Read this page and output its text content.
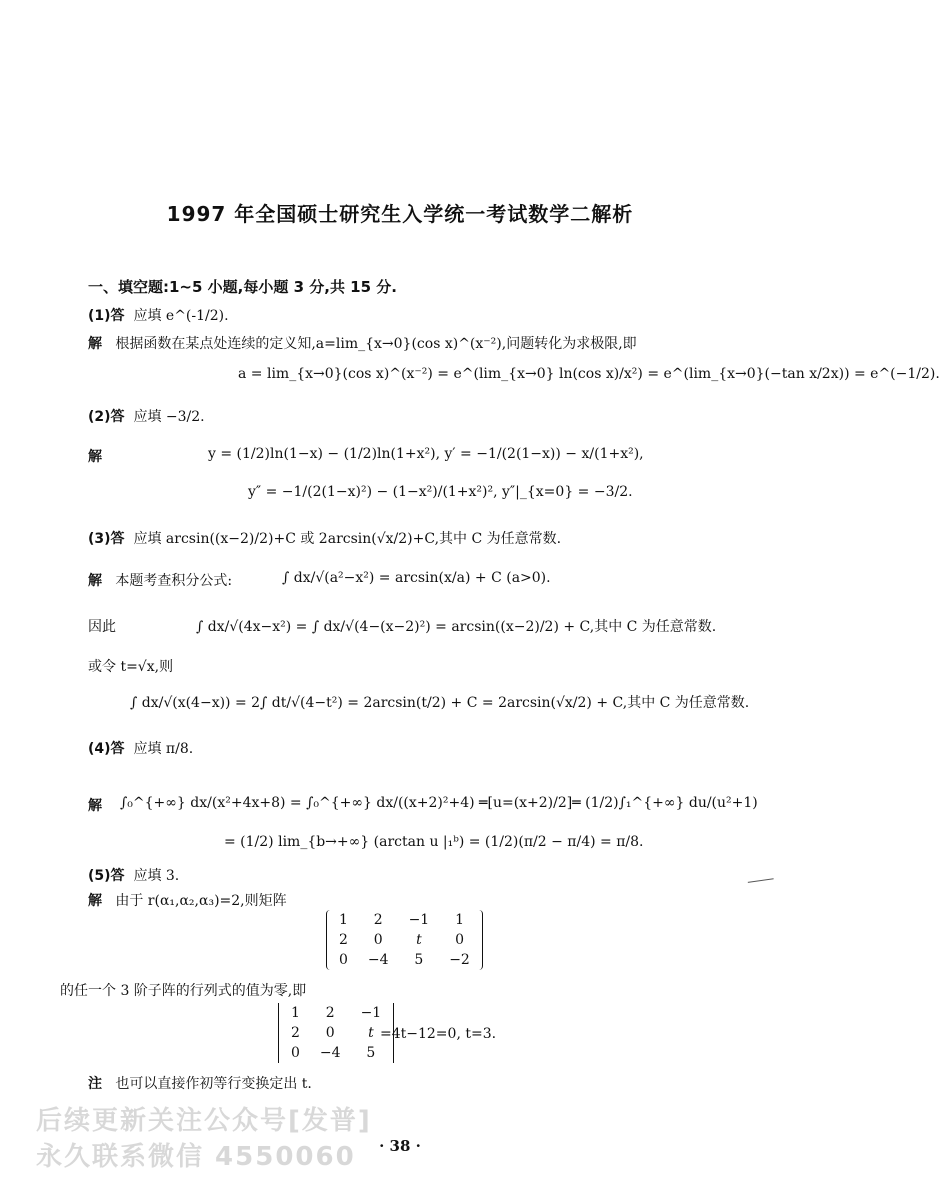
1997 年全国硕士研究生入学统一考试数学二解析
一、填空题:1~5 小题,每小题 3 分,共 15 分.
(1)答 应填 e^(-1/2).
解 根据函数在某点处连续的定义知,a=lim_{x→0}(cos x)^(x⁻²),问题转化为求极限,即
a = lim_{x→0}(cos x)^(x⁻²) = e^(lim_{x→0} ln(cos x)/x²) = e^(lim_{x→0}(−tan x/2x)) = e^(−1/2).
(2)答 应填 −3/2.
解	y = (1/2)ln(1−x) − (1/2)ln(1+x²), y′ = −1/(2(1−x)) − x/(1+x²),
y″ = −1/(2(1−x)²) − (1−x²)/(1+x²)², y″|_{x=0} = −3/2.
(3)答 应填 arcsin((x−2)/2)+C 或 2arcsin(√x/2)+C,其中 C 为任意常数.
解 本题考查积分公式:	∫ dx/√(a²−x²) = arcsin(x/a) + C (a>0).
因此	∫ dx/√(4x−x²) = ∫ dx/√(4−(x−2)²) = arcsin((x−2)/2) + C,其中 C 为任意常数.
或令 t=√x,则
∫ dx/√(x(4−x)) = 2∫ dt/√(4−t²) = 2arcsin(t/2) + C = 2arcsin(√x/2) + C,其中 C 为任意常数.
(4)答 应填 π/8.
解 ∫₀^{+∞} dx/(x²+4x+8) = ∫₀^{+∞} dx/((x+2)²+4) ═[u=(x+2)/2]═ (1/2)∫₁^{+∞} du/(u²+1)
= (1/2) lim_{b→+∞} (arctan u |₁ᵇ) = (1/2)(π/2 − π/4) = π/8.
(5)答 应填 3.
解 由于 r(α₁,α₂,α₃)=2,则矩阵
1	2	−1	1
2	0	t	0
0	−4	5	−2
的任一个 3 阶子阵的行列式的值为零,即
1	2	−1
2	0	t
0	−4	5
=4t−12=0, t=3.
注 也可以直接作初等行变换定出 t.
后续更新关注公众号[发普]
永久联系微信 4550060	· 38 ·
